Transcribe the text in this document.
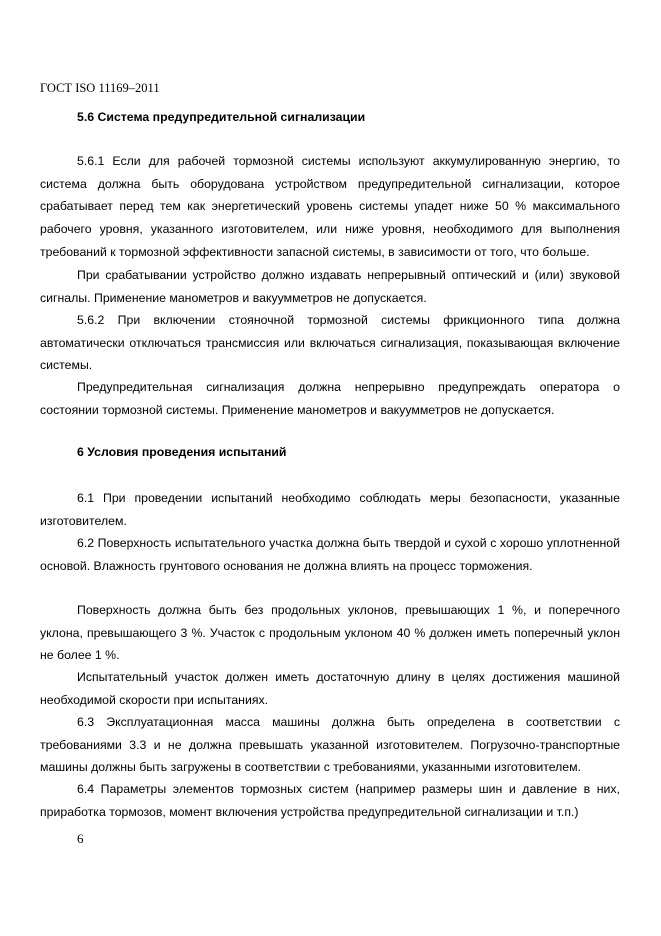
ГОСТ ISO 11169–2011
5.6 Система предупредительной сигнализации
5.6.1 Если для рабочей тормозной системы используют аккумулированную энергию, то система должна быть оборудована устройством предупредительной сигнализации, которое срабатывает перед тем как энергетический уровень системы упадет ниже 50 % максимального рабочего уровня, указанного изготовителем, или ниже уровня, необходимого для выполнения требований к тормозной эффективности запасной системы, в зависимости от того, что больше.
При срабатывании устройство должно издавать непрерывный оптический и (или) звуковой сигналы. Применение манометров и вакуумметров не допускается.
5.6.2 При включении стояночной тормозной системы фрикционного типа должна автоматически отключаться трансмиссия или включаться сигнализация, показывающая включение системы.
Предупредительная сигнализация должна непрерывно предупреждать оператора о состоянии тормозной системы. Применение манометров и вакуумметров не допускается.
6 Условия проведения испытаний
6.1 При проведении испытаний необходимо соблюдать меры безопасности, указанные изготовителем.
6.2 Поверхность испытательного участка должна быть твердой и сухой с хорошо уплотненной основой. Влажность грунтового основания не должна влиять на процесс торможения.
Поверхность должна быть без продольных уклонов, превышающих 1 %, и поперечного уклона, превышающего 3 %. Участок с продольным уклоном 40 % должен иметь поперечный уклон не более 1 %.
Испытательный участок должен иметь достаточную длину в целях достижения машиной необходимой скорости при испытаниях.
6.3 Эксплуатационная масса машины должна быть определена в соответствии с требованиями 3.3 и не должна превышать указанной изготовителем. Погрузочно-транспортные машины должны быть загружены в соответствии с требованиями, указанными изготовителем.
6.4 Параметры элементов тормозных систем (например размеры шин и давление в них, приработка тормозов, момент включения устройства предупредительной сигнализации и т.п.)
6
